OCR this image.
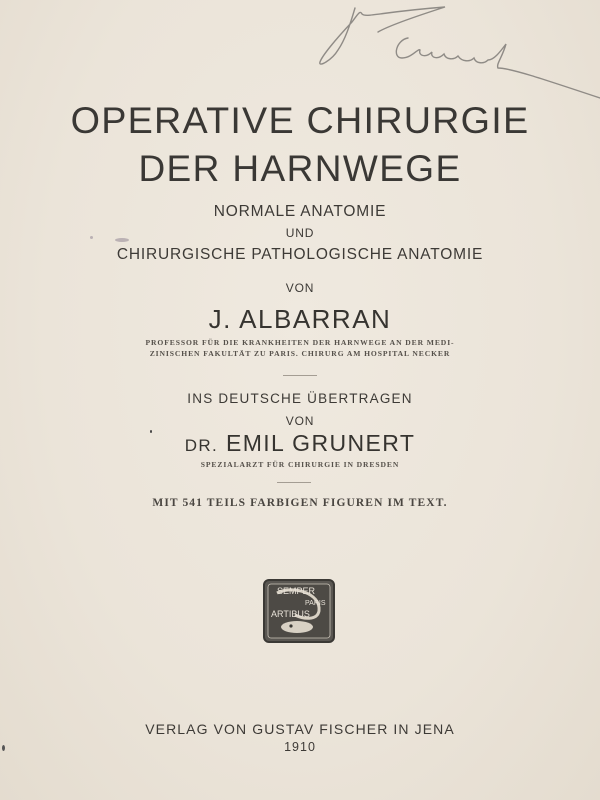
OPERATIVE CHIRURGIE
DER HARNWEGE
NORMALE ANATOMIE
UND
CHIRURGISCHE PATHOLOGISCHE ANATOMIE
VON
J. ALBARRAN
PROFESSOR FÜR DIE KRANKHEITEN DER HARNWEGE AN DER MEDI-
ZINISCHEN FAKULTÄT ZU PARIS. CHIRURG AM HOSPITAL NECKER
INS DEUTSCHE ÜBERTRAGEN
VON
DR. EMIL GRUNERT
SPEZIALARZT FÜR CHIRURGIE IN DRESDEN
MIT 541 TEILS FARBIGEN FIGUREN IM TEXT.
SEMPER
PARIS
ARTIBUS
VERLAG VON GUSTAV FISCHER IN JENA
1910
